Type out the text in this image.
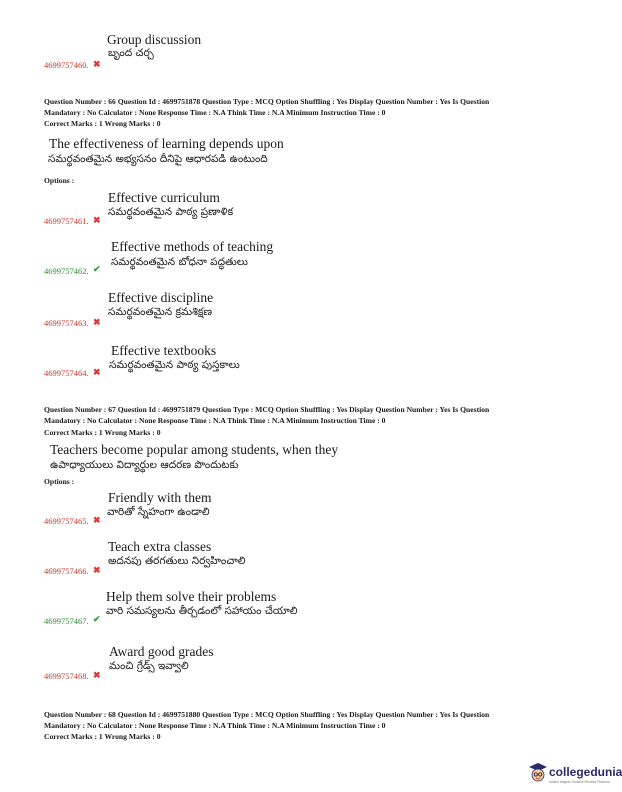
Group discussion
బృంద చర్చ
4699757460. ✖
Question Number : 66 Question Id : 4699751878 Question Type : MCQ Option Shuffling : Yes Display Question Number : Yes Is Question
Mandatory : No Calculator : None Response Time : N.A Think Time : N.A Minimum Instruction Time : 0
Correct Marks : 1 Wrong Marks : 0
The effectiveness of learning depends upon
సమర్థవంతమైన అభ్యసనం దీనిపై ఆధారపడి ఉంటుంది
Options :
Effective curriculum
సమర్థవంతమైన పాఠ్య ప్రణాళిక
4699757461. ✖
Effective methods of teaching
సమర్థవంతమైన బోధనా పద్ధతులు
4699757462. ✔
Effective discipline
సమర్థవంతమైన క్రమశిక్షణ
4699757463. ✖
Effective textbooks
సమర్థవంతమైన పాఠ్య పుస్తకాలు
4699757464. ✖
Question Number : 67 Question Id : 4699751879 Question Type : MCQ Option Shuffling : Yes Display Question Number : Yes Is Question
Mandatory : No Calculator : None Response Time : N.A Think Time : N.A Minimum Instruction Time : 0
Correct Marks : 1 Wrong Marks : 0
Teachers become popular among students, when they
ఉపాధ్యాయులు విద్యార్థుల ఆదరణ పొందుటకు
Options :
Friendly with them
వారితో స్నేహంగా ఉండాలి
4699757465. ✖
Teach extra classes
అదనపు తరగతులు నిర్వహించాలి
4699757466. ✖
Help them solve their problems
వారి సమస్యలను తీర్చడంలో సహాయం చేయాలి
4699757467. ✔
Award good grades
మంచి గ్రేడ్స్ ఇవ్వాలి
4699757468. ✖
Question Number : 68 Question Id : 4699751880 Question Type : MCQ Option Shuffling : Yes Display Question Number : Yes Is Question
Mandatory : No Calculator : None Response Time : N.A Think Time : N.A Minimum Instruction Time : 0
Correct Marks : 1 Wrong Marks : 0
collegedunia
India's largest Student Review Platform
